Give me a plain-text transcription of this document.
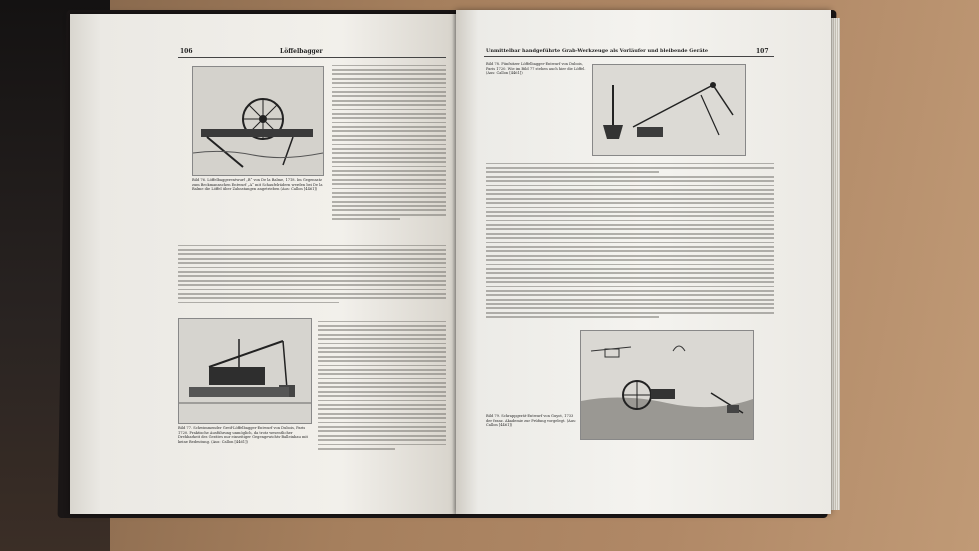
106	Löffelbagger
Bild 76. Löffelbaggerentwurf „B“ von De la Balme, 1718. Im Gegensatz zum Beckmannschen Entwurf „A“ mit Schaufelrädern werden bei De la Balme die Löffel über Zahnstangen angetrieben (Aus: Callon [4461])
Bild 77. Schwimmender Greif-Löffelbagger-Entwurf von Dubois, Paris 1720. Praktische Ausführung unmöglich, da trotz wesentlicher Drehbarkeit des Gerätes nur einseitiger Gegengewichts-Balleinbau mit keine Bedeutung. (Aus: Callon [4461])
Unmittelbar handgeführte Grab-Werkzeuge als Vorläufer und bleibende Geräte	107
Bild 78. Fünfsitzer Löffelbagger-Entwurf von Dubois, Paris 1720. Wie im Bild 77 stehen auch hier die Löffel. (Aus: Callon [4461])
Bild 79. Schrappgerät-Entwurf von Guyot, 1733 der franz. Akademie zur Prüfung vorgelegt. (Aus: Callon [4461])
